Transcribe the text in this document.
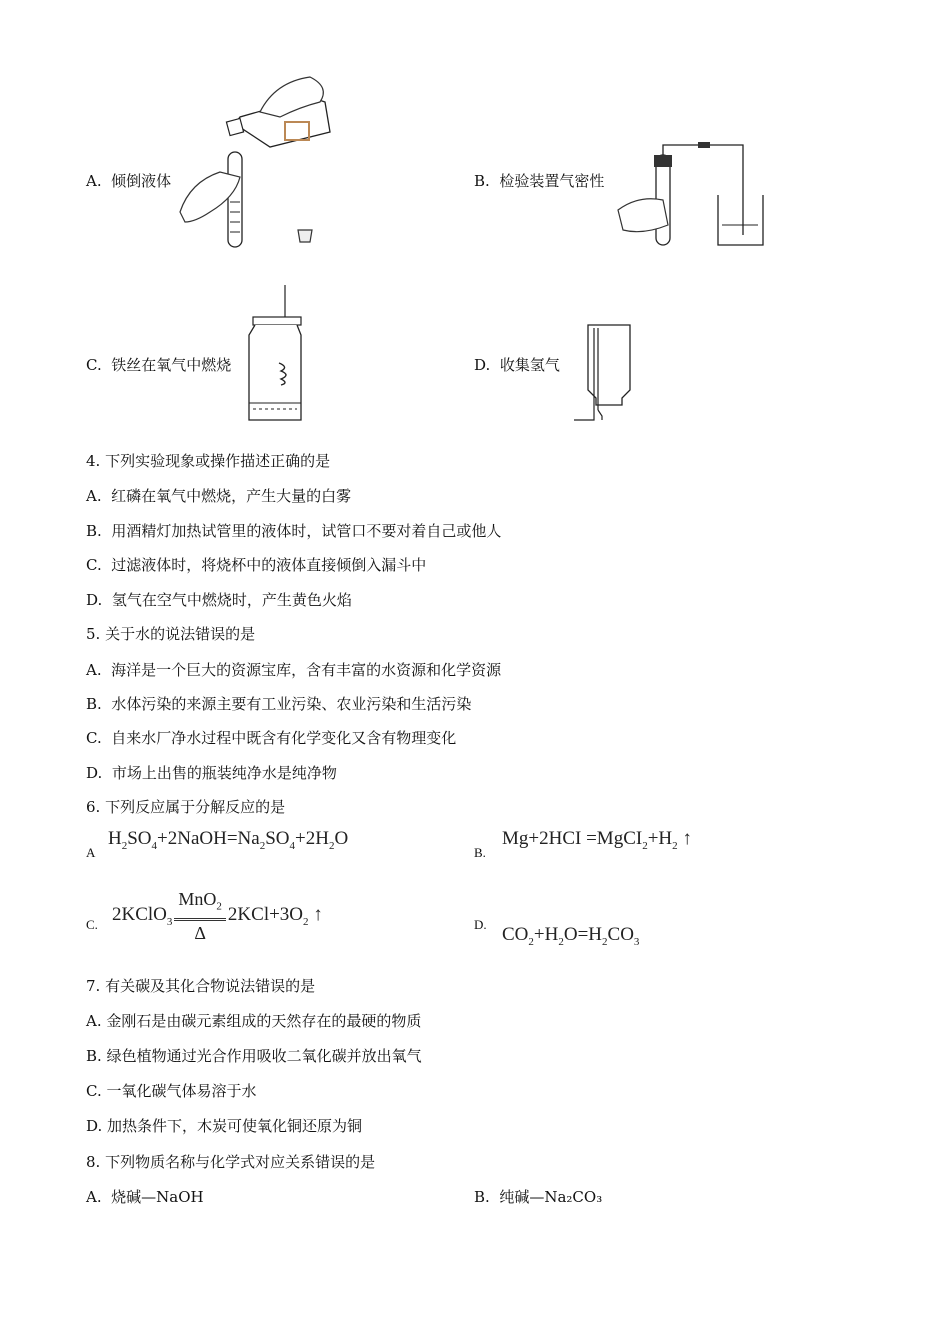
A. 倾倒液体	B. 检验装置气密性
C. 铁丝在氧气中燃烧	D. 收集氢气
4. 下列实验现象或操作描述正确的是
A. 红磷在氧气中燃烧，产生大量的白雾
B. 用酒精灯加热试管里的液体时，试管口不要对着自己或他人
C. 过滤液体时，将烧杯中的液体直接倾倒入漏斗中
D. 氢气在空气中燃烧时，产生黄色火焰
5. 关于水的说法错误的是
A. 海洋是一个巨大的资源宝库，含有丰富的水资源和化学资源
B. 水体污染的来源主要有工业污染、农业污染和生活污染
C. 自来水厂净水过程中既含有化学变化又含有物理变化
D. 市场上出售的瓶装纯净水是纯净物
6. 下列反应属于分解反应的是
A
$H_2SO_4+2NaOH=Na_2SO_4+2H_2O$
B.
$Mg+2HCI =MgCI_2+H_2$ ↑
C. 2KClO$_3$ $\frac{MnO_2}{\Delta} 2KCl+3O_2$ ↑	D. $CO_2+H_2O=H_2CO_3$
7. 有关碳及其化合物说法错误的是
A. 金刚石是由碳元素组成的天然存在的最硬的物质
B. 绿色植物通过光合作用吸收二氧化碳并放出氧气
C. 一氧化碳气体易溶于水
D. 加热条件下，木炭可使氧化铜还原为铜
8. 下列物质名称与化学式对应关系错误的是
A. 烧碱—NaOH	B. 纯碱—Na₂CO₃
